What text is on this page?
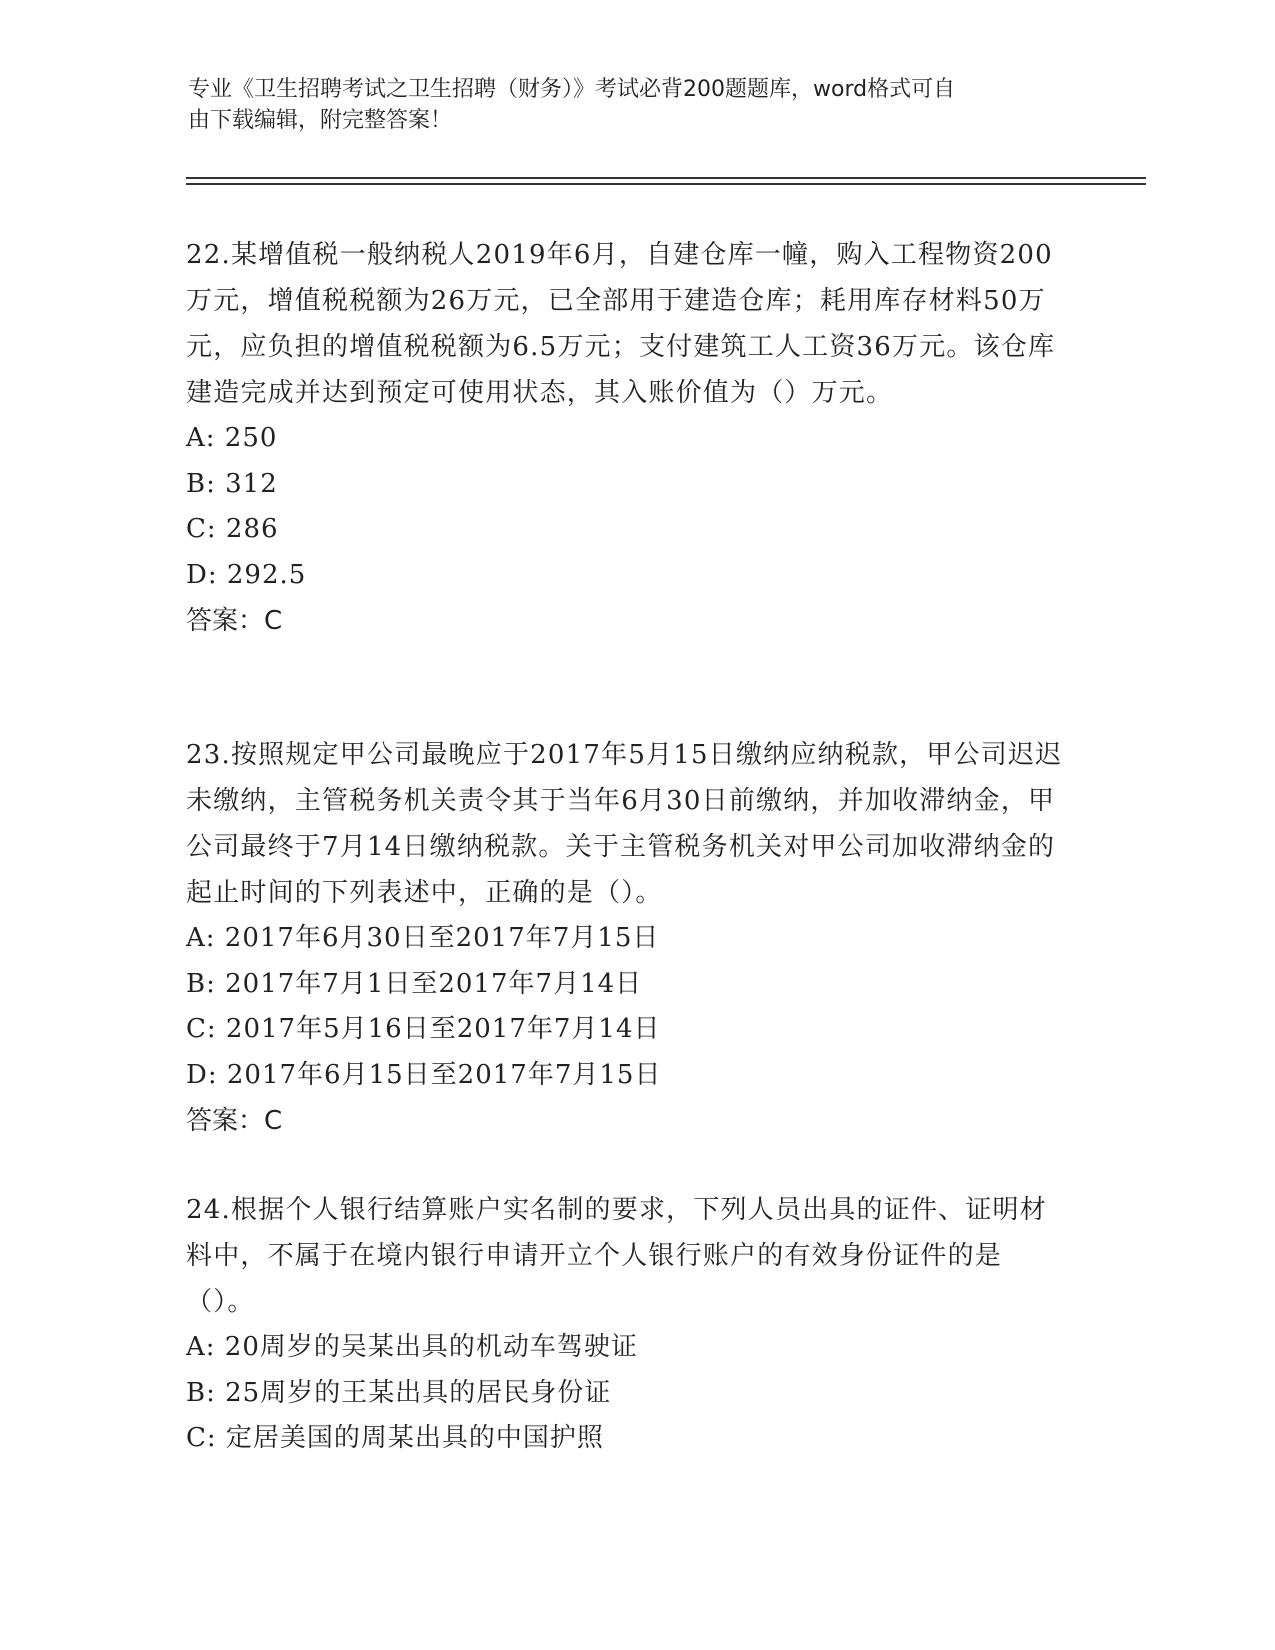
专业《卫生招聘考试之卫生招聘（财务）》考试必背200题题库，word格式可自
由下载编辑，附完整答案！

22.某增值税一般纳税人2019年6月，自建仓库一幢，购入工程物资200万元，增值税税额为26万元，已全部用于建造仓库；耗用库存材料50万元，应负担的增值税税额为6.5万元；支付建筑工人工资36万元。该仓库建造完成并达到预定可使用状态，其入账价值为（）万元。

A: 250

B: 312

C: 286

D: 292.5

答案：C

23.按照规定甲公司最晚应于2017年5月15日缴纳应纳税款，甲公司迟迟未缴纳，主管税务机关责令其于当年6月30日前缴纳，并加收滞纳金，甲公司最终于7月14日缴纳税款。关于主管税务机关对甲公司加收滞纳金的起止时间的下列表述中，正确的是（）。

A: 2017年6月30日至2017年7月15日

B: 2017年7月1日至2017年7月14日

C: 2017年5月16日至2017年7月14日

D: 2017年6月15日至2017年7月15日

答案：C

24.根据个人银行结算账户实名制的要求，下列人员出具的证件、证明材料中，不属于在境内银行申请开立个人银行账户的有效身份证件的是（）。

A: 20周岁的吴某出具的机动车驾驶证

B: 25周岁的王某出具的居民身份证

C: 定居美国的周某出具的中国护照
